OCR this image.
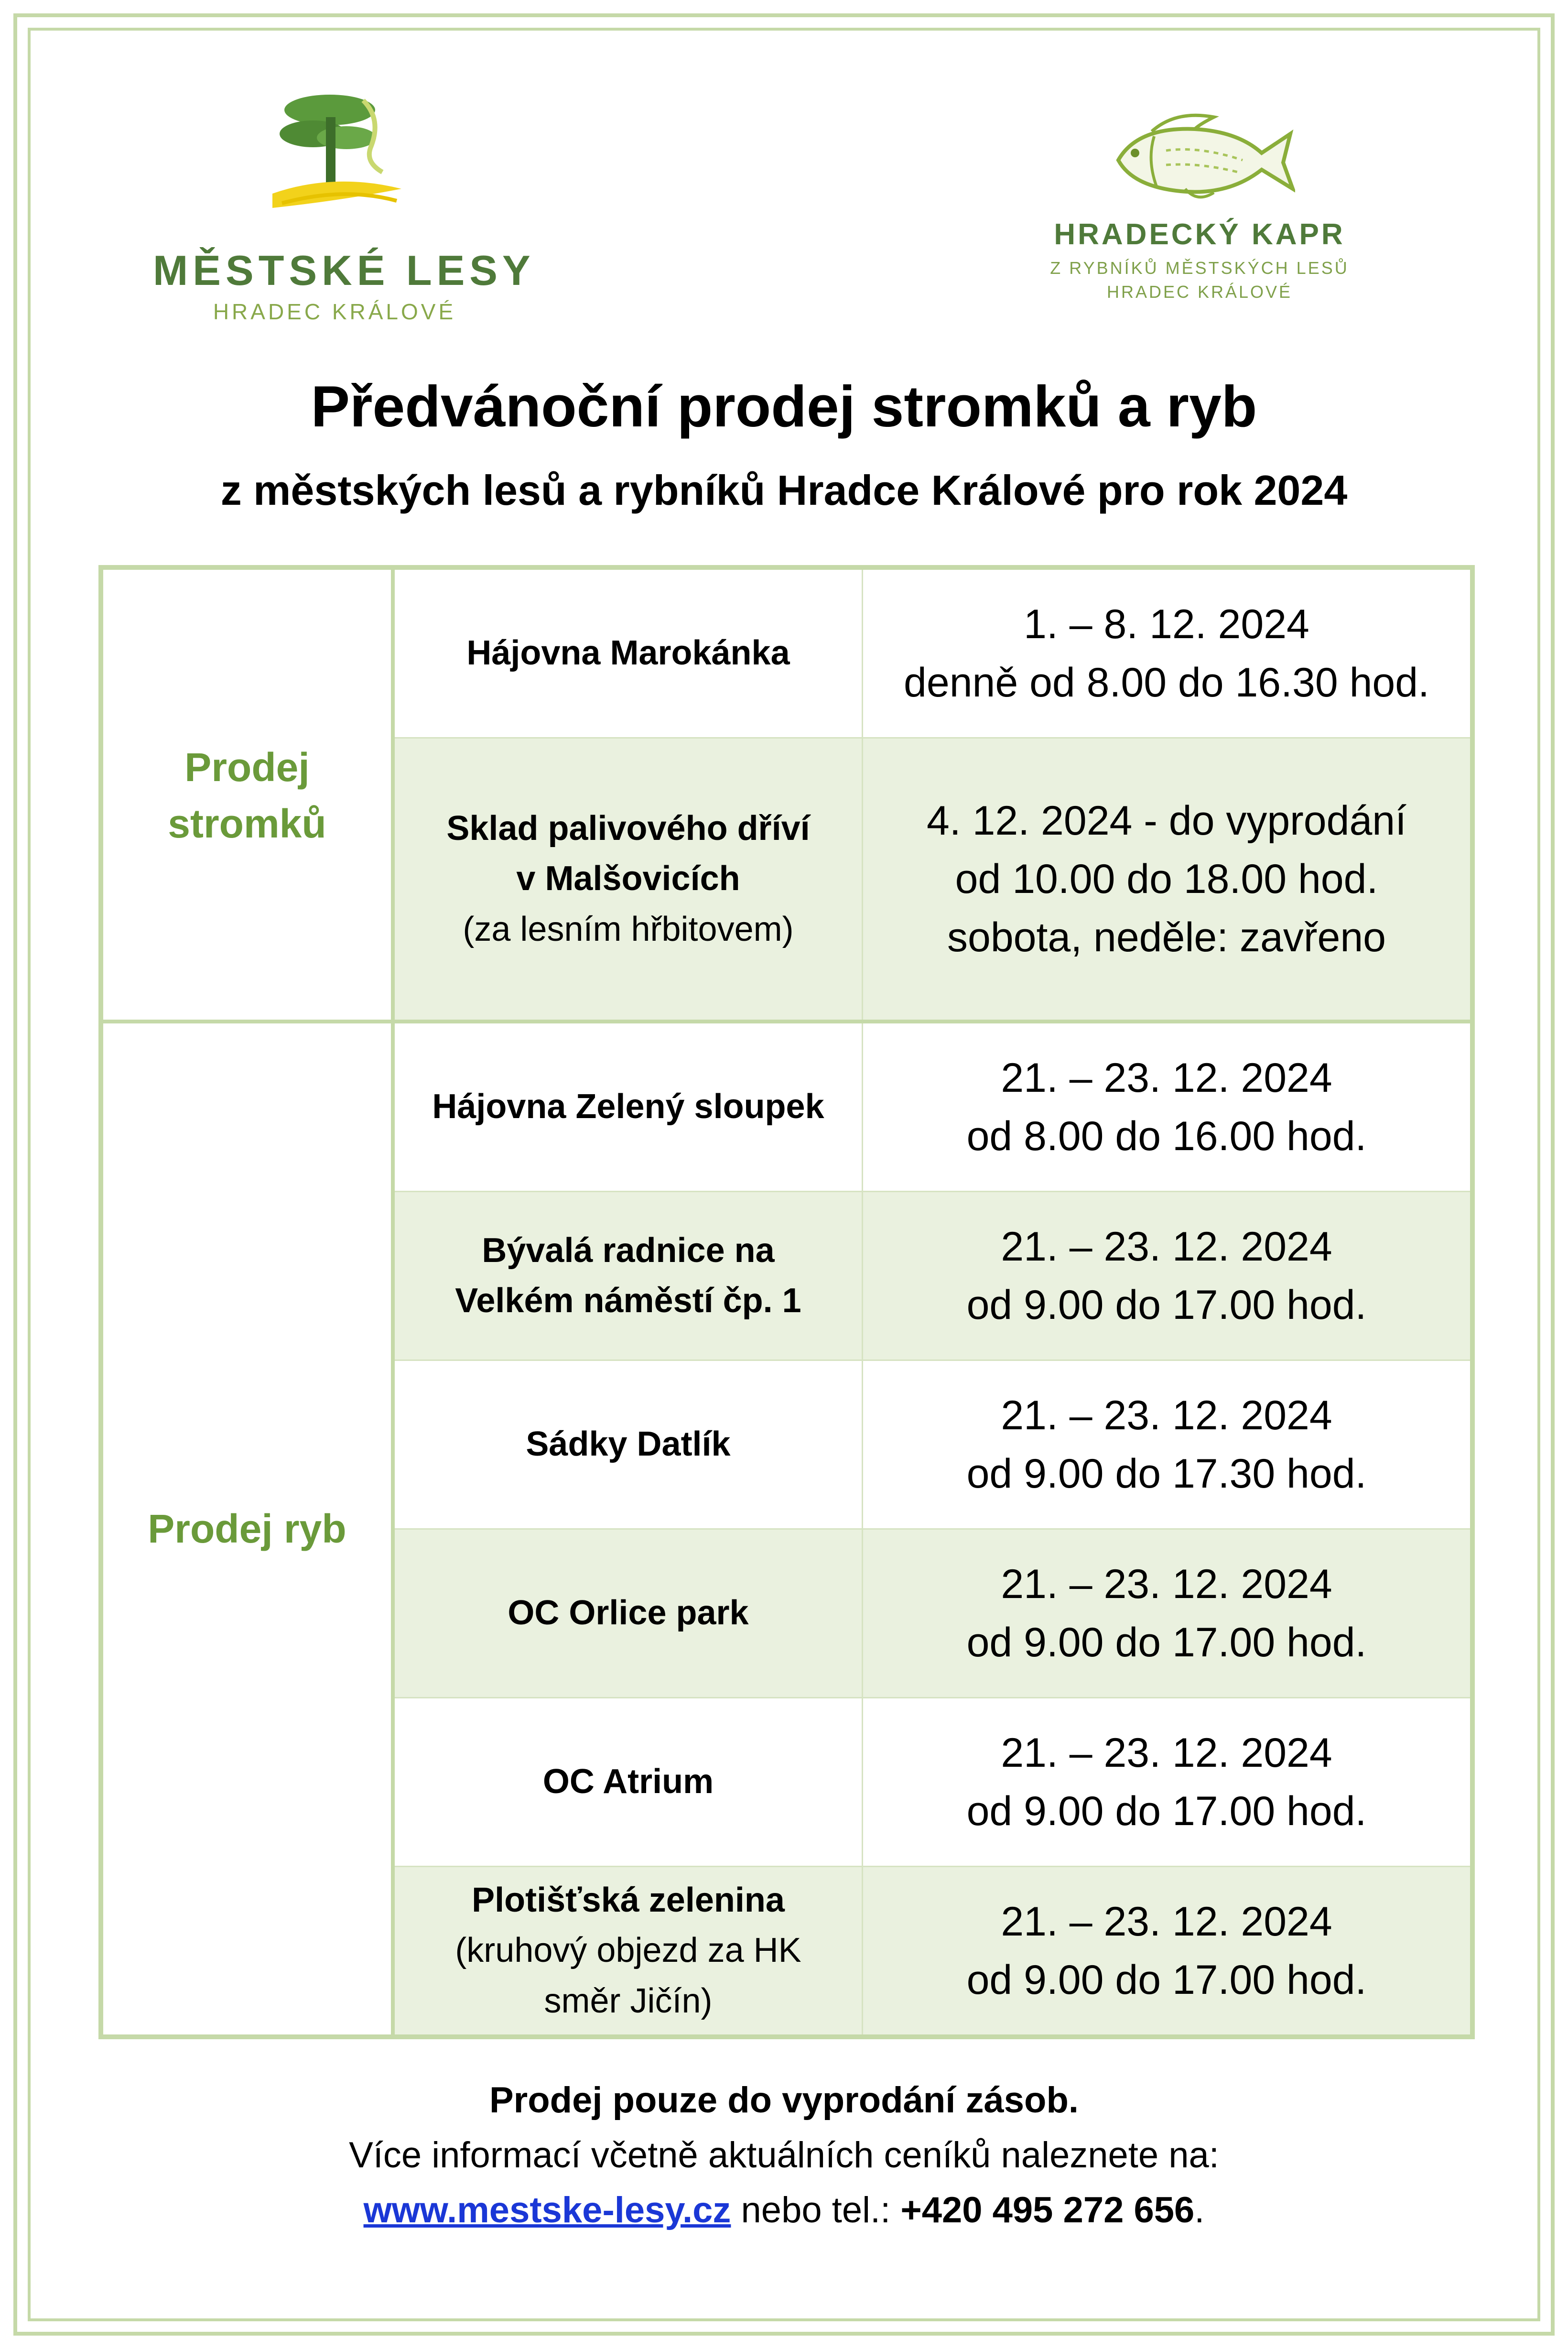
MĚSTSKÉ LESY
HRADEC KRÁLOVÉ
HRADECKÝ KAPR
Z RYBNÍKŮ MĚSTSKÝCH LESŮ
HRADEC KRÁLOVÉ
Předvánoční prodej stromků a ryb
z městských lesů a rybníků Hradce Králové pro rok 2024
Prodej stromků
Prodej ryb
Hájovna Marokánka
1. – 8. 12. 2024
denně od 8.00 do 16.30 hod.
Sklad palivového dříví
v Malšovicích
(za lesním hřbitovem)
4. 12. 2024 - do vyprodání
od 10.00 do 18.00 hod.
sobota, neděle: zavřeno
Hájovna Zelený sloupek
21. – 23. 12. 2024
od 8.00 do 16.00 hod.
Bývalá radnice na
Velkém náměstí čp. 1
21. – 23. 12. 2024
od 9.00 do 17.00 hod.
Sádky Datlík
21. – 23. 12. 2024
od 9.00 do 17.30 hod.
OC Orlice park
21. – 23. 12. 2024
od 9.00 do 17.00 hod.
OC Atrium
21. – 23. 12. 2024
od 9.00 do 17.00 hod.
Plotišťská zelenina
(kruhový objezd za HK
směr Jičín)
21. – 23. 12. 2024
od 9.00 do 17.00 hod.
Prodej pouze do vyprodání zásob.
Více informací včetně aktuálních ceníků naleznete na:
www.mestske-lesy.cz nebo tel.: +420 495 272 656.
